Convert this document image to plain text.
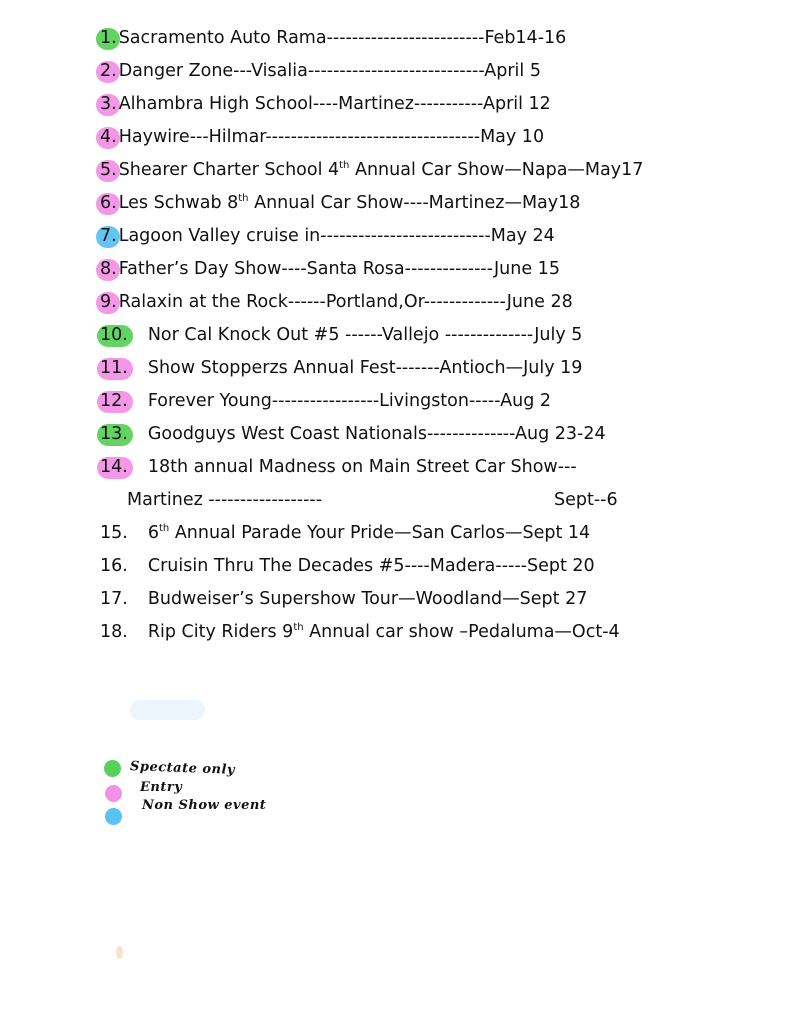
1. Sacramento Auto Rama-------------------------Feb14-16
2. Danger Zone---Visalia----------------------------April 5
3. Alhambra High School----Martinez-----------April 12
4. Haywire---Hilmar----------------------------------May 10
5. Shearer Charter School 4th Annual Car Show—Napa—May17
6. Les Schwab 8th Annual Car Show----Martinez—May18
7. Lagoon Valley cruise in---------------------------May 24
8. Father’s Day Show----Santa Rosa--------------June 15
9. Ralaxin at the Rock------Portland,Or-------------June 28
10. Nor Cal Knock Out #5 ------Vallejo --------------July 5
11. Show Stopperzs Annual Fest-------Antioch—July 19
12. Forever Young-----------------Livingston-----Aug 2
13. Goodguys West Coast Nationals--------------Aug 23-24
14. 18th annual Madness on Main Street Car Show---
Martinez ------------------	Sept--6
15. 6th Annual Parade Your Pride—San Carlos—Sept 14
16. Cruisin Thru The Decades #5----Madera-----Sept 20
17. Budweiser’s Supershow Tour—Woodland—Sept 27
18. Rip City Riders 9th Annual car show –Pedaluma—Oct-4
Spectate only
Entry
Non Show event
